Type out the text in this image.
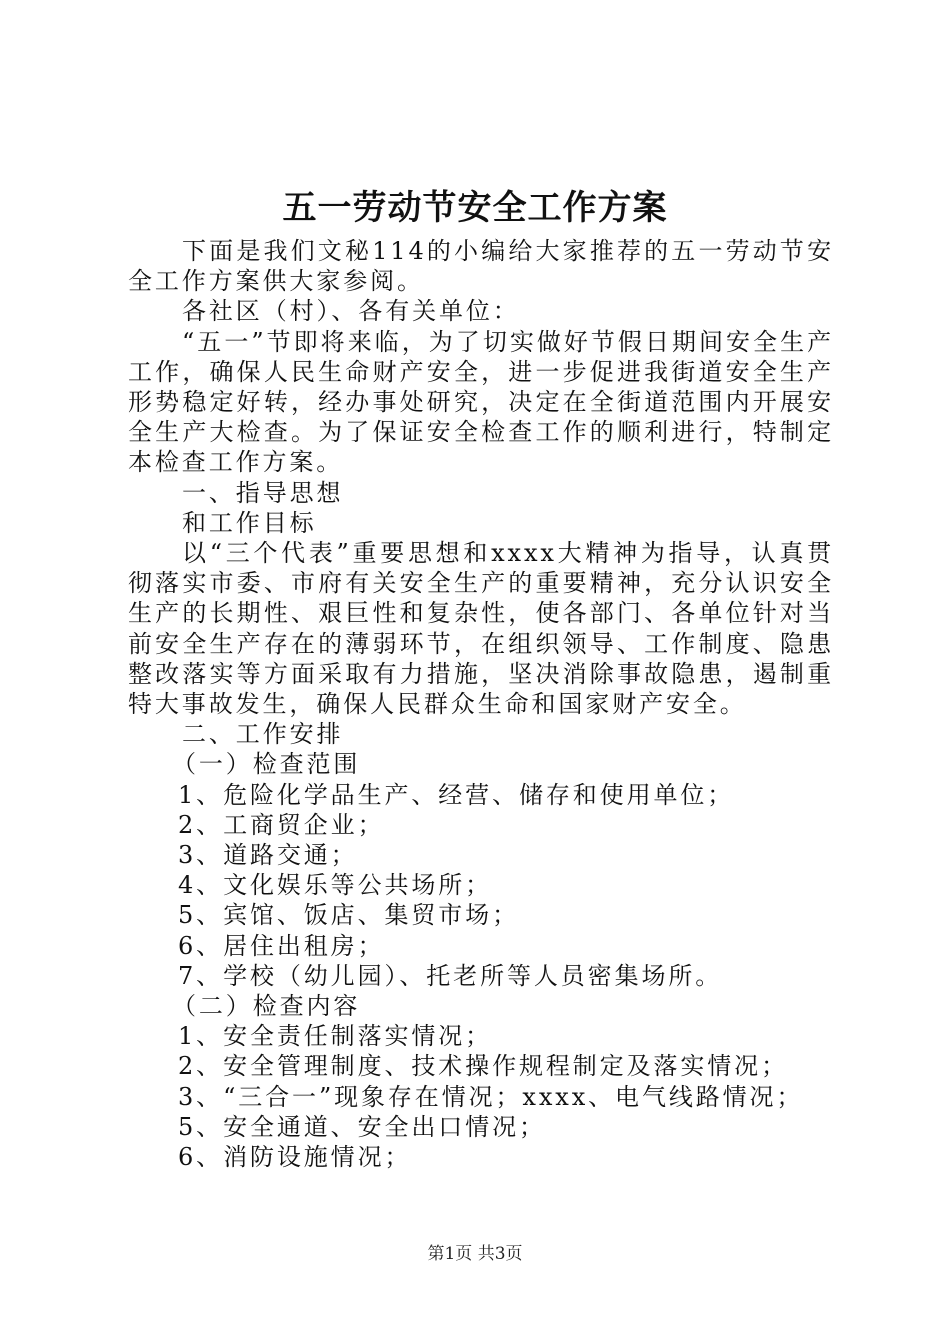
五一劳动节安全工作方案

下面是我们文秘114的小编给大家推荐的五一劳动节安全工作方案供大家参阅。

各社区（村）、各有关单位：

“五一”节即将来临，为了切实做好节假日期间安全生产工作，确保人民生命财产安全，进一步促进我街道安全生产形势稳定好转，经办事处研究，决定在全街道范围内开展安全生产大检查。为了保证安全检查工作的顺利进行，特制定本检查工作方案。

一、指导思想

和工作目标

以“三个代表”重要思想和xxxx大精神为指导，认真贯彻落实市委、市府有关安全生产的重要精神，充分认识安全生产的长期性、艰巨性和复杂性，使各部门、各单位针对当前安全生产存在的薄弱环节，在组织领导、工作制度、隐患整改落实等方面采取有力措施，坚决消除事故隐患，遏制重特大事故发生，确保人民群众生命和国家财产安全。

二、工作安排

（一）检查范围

1、危险化学品生产、经营、储存和使用单位；

2、工商贸企业；

3、道路交通；

4、文化娱乐等公共场所；

5、宾馆、饭店、集贸市场；

6、居住出租房；

7、学校（幼儿园）、托老所等人员密集场所。

（二）检查内容

1、安全责任制落实情况；

2、安全管理制度、技术操作规程制定及落实情况；

3、“三合一”现象存在情况；xxxx、电气线路情况；

5、安全通道、安全出口情况；

6、消防设施情况；

第1页 共3页
